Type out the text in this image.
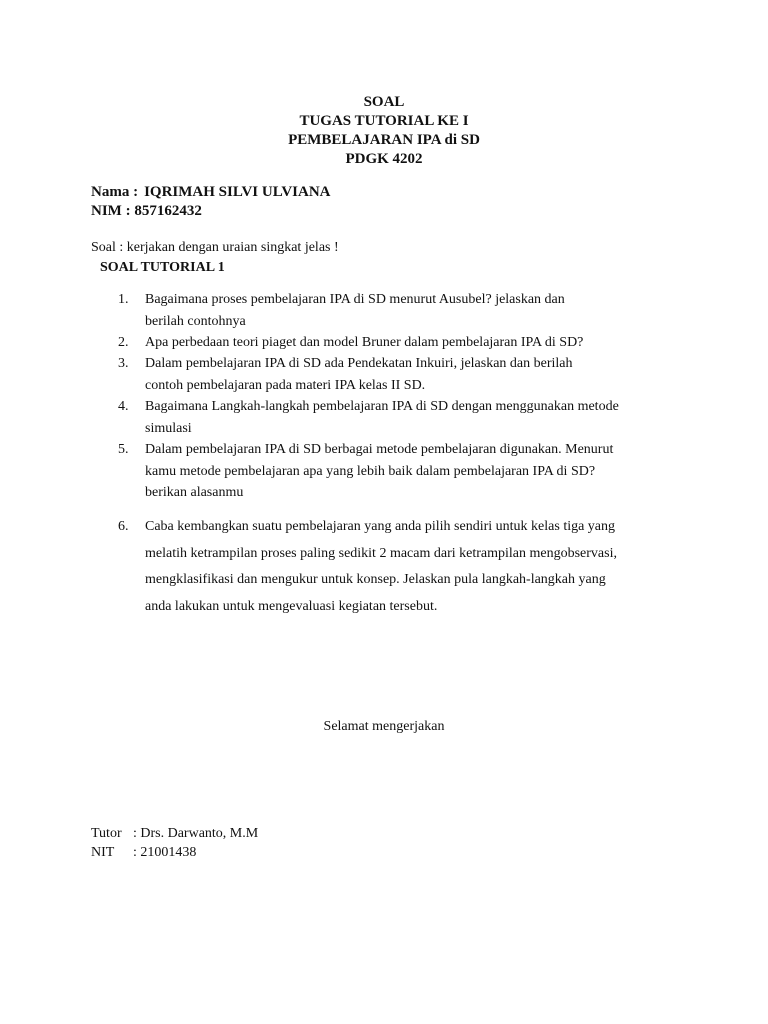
SOAL
TUGAS TUTORIAL KE I
PEMBELAJARAN IPA di SD
PDGK 4202
Nama : IQRIMAH SILVI ULVIANA
NIM : 857162432
Soal : kerjakan dengan uraian singkat jelas !
SOAL TUTORIAL 1
1.	Bagaimana proses pembelajaran IPA di SD menurut Ausubel? jelaskan dan
berilah contohnya
2.	Apa perbedaan teori piaget dan model Bruner dalam pembelajaran IPA di SD?
3.	Dalam pembelajaran IPA di SD ada Pendekatan Inkuiri, jelaskan dan berilah
contoh pembelajaran pada materi IPA kelas II SD.
4.	Bagaimana Langkah-langkah pembelajaran IPA di SD dengan menggunakan metode
simulasi
5.	Dalam pembelajaran IPA di SD berbagai metode pembelajaran digunakan. Menurut
kamu metode pembelajaran apa yang lebih baik dalam pembelajaran IPA di SD?
berikan alasanmu
6.	Caba kembangkan suatu pembelajaran yang anda pilih sendiri untuk kelas tiga yang
melatih ketrampilan proses paling sedikit 2 macam dari ketrampilan mengobservasi,
mengklasifikasi dan mengukur untuk konsep. Jelaskan pula langkah-langkah yang
anda lakukan untuk mengevaluasi kegiatan tersebut.
Selamat mengerjakan
Tutor : Drs. Darwanto, M.M
NIT : 21001438
